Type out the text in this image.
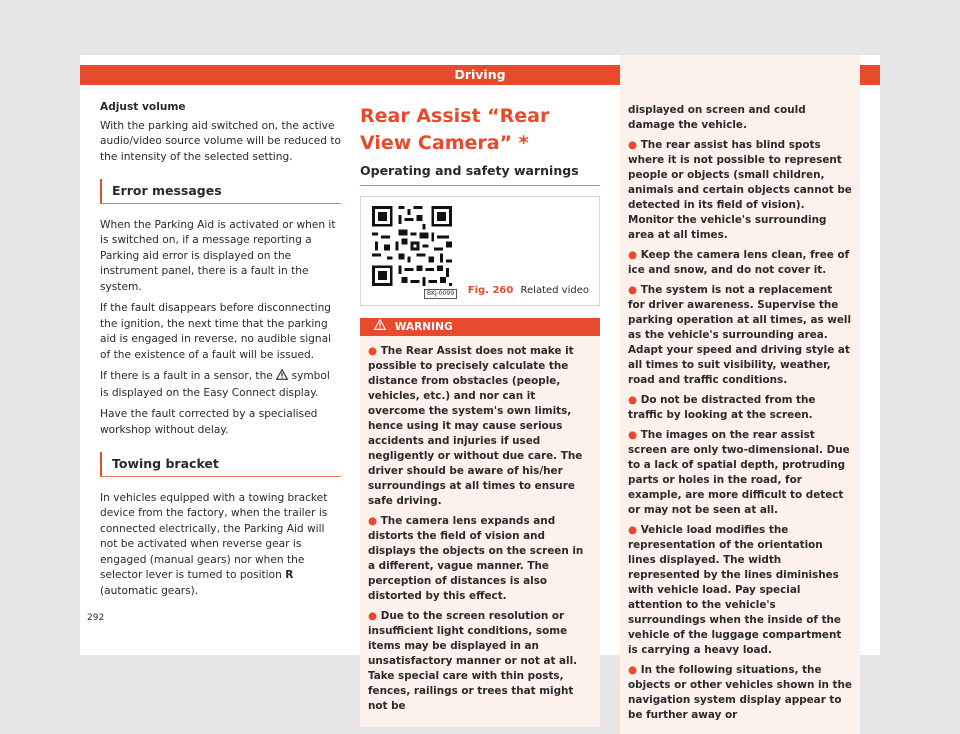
Driving

Adjust volume

With the parking aid switched on, the active audio/video source volume will be reduced to the intensity of the selected setting.

Error messages

When the Parking Aid is activated or when it is switched on, if a message reporting a Parking aid error is displayed on the instrument panel, there is a fault in the system.

If the fault disappears before disconnecting the ignition, the next time that the parking aid is engaged in reverse, no audible signal of the existence of a fault will be issued.

If there is a fault in a sensor, the symbol is displayed on the Easy Connect display.

Have the fault corrected by a specialised workshop without delay.

Towing bracket

In vehicles equipped with a towing bracket device from the factory, when the trailer is connected electrically, the Parking Aid will not be activated when reverse gear is engaged (manual gears) nor when the selector lever is turned to position R (automatic gears).

Rear Assist “Rear View Camera” *
Operating and safety warnings
BKJ-0099	Fig. 260 Related video
WARNING
● The Rear Assist does not make it possible to precisely calculate the distance from obstacles (people, vehicles, etc.) and nor can it overcome the system's own limits, hence using it may cause serious accidents and injuries if used negligently or without due care. The driver should be aware of his/her surroundings at all times to ensure safe driving.
● The camera lens expands and distorts the field of vision and displays the objects on the screen in a different, vague manner. The perception of distances is also distorted by this effect.
● Due to the screen resolution or insufficient light conditions, some items may be displayed in an unsatisfactory manner or not at all. Take special care with thin posts, fences, railings or trees that might not be
displayed on screen and could damage the vehicle.
● The rear assist has blind spots where it is not possible to represent people or objects (small children, animals and certain objects cannot be detected in its field of vision). Monitor the vehicle's surrounding area at all times.
● Keep the camera lens clean, free of ice and snow, and do not cover it.
● The system is not a replacement for driver awareness. Supervise the parking operation at all times, as well as the vehicle's surrounding area. Adapt your speed and driving style at all times to suit visibility, weather, road and traffic conditions.
● Do not be distracted from the traffic by looking at the screen.
● The images on the rear assist screen are only two-dimensional. Due to a lack of spatial depth, protruding parts or holes in the road, for example, are more difficult to detect or may not be seen at all.
● Vehicle load modifies the representation of the orientation lines displayed. The width represented by the lines diminishes with vehicle load. Pay special attention to the vehicle's surroundings when the inside of the vehicle of the luggage compartment is carrying a heavy load.
● In the following situations, the objects or other vehicles shown in the navigation system display appear to be further away or
292
